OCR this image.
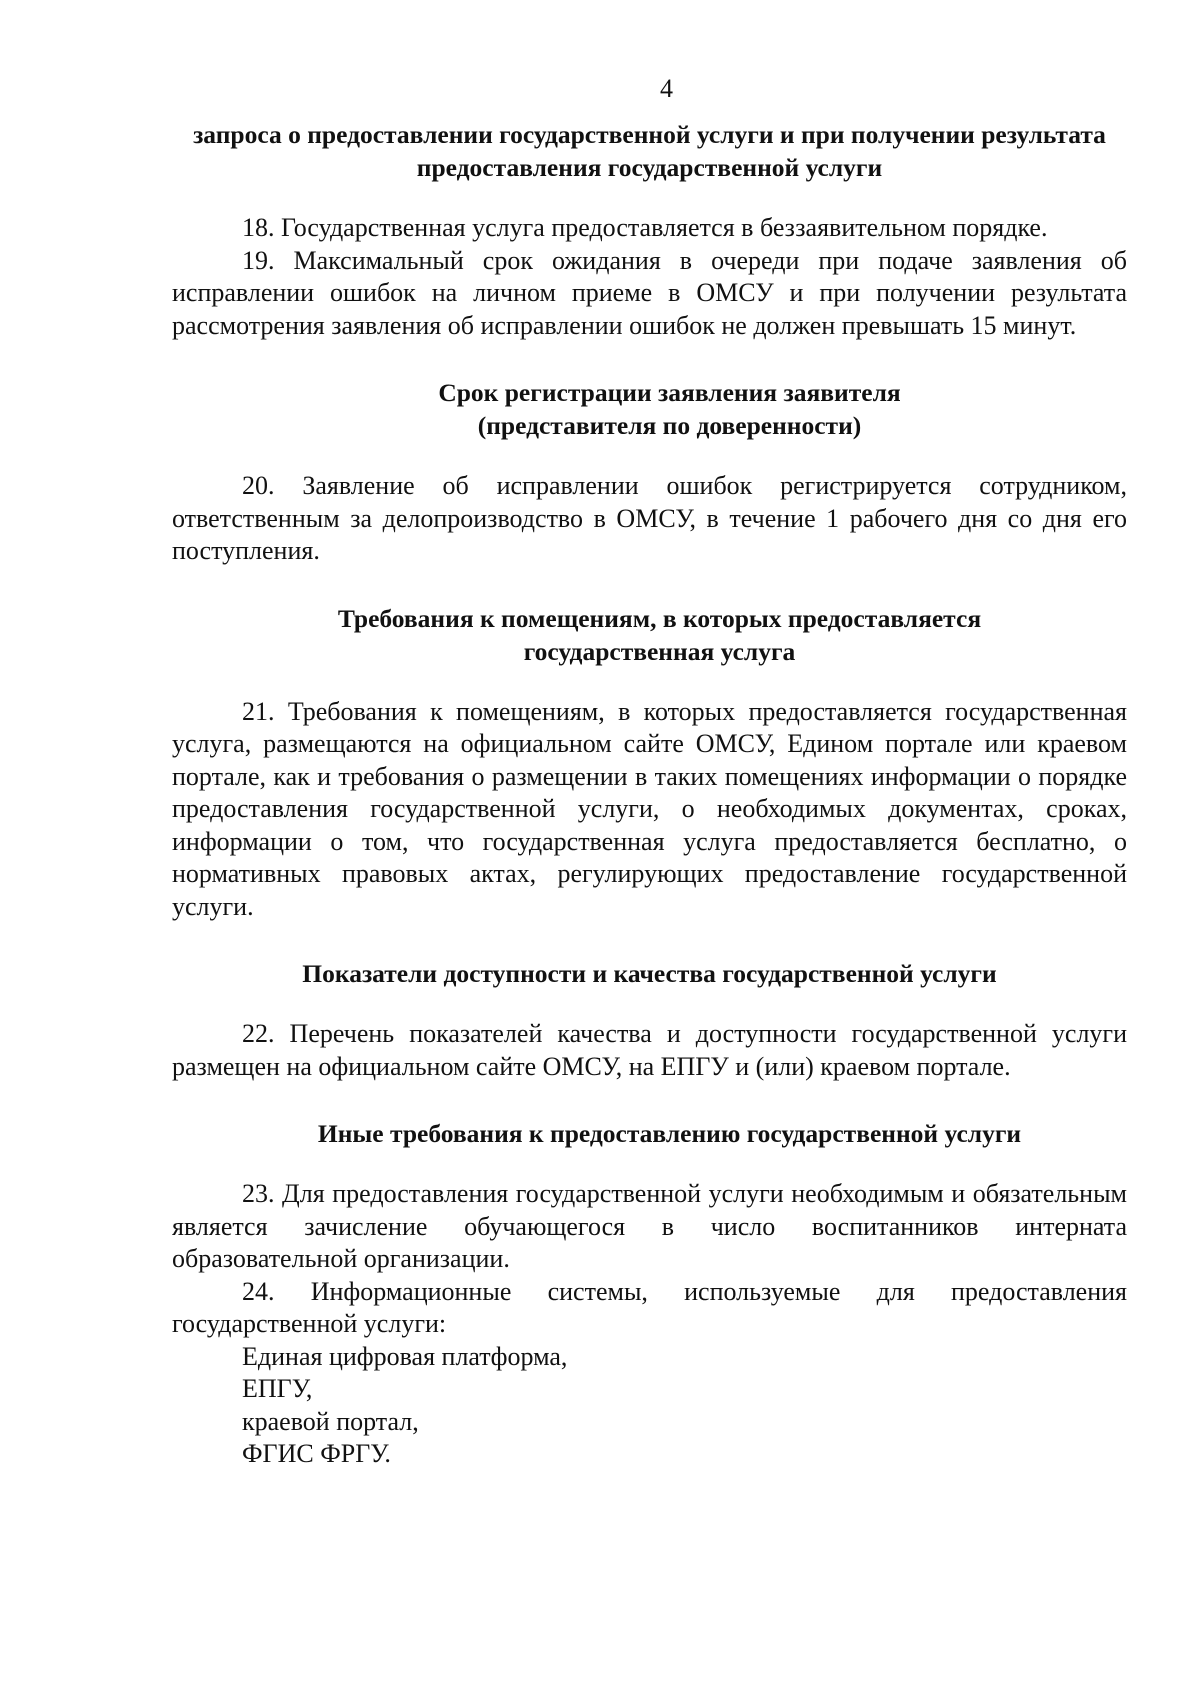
4

запроса о предоставлении государственной услуги и при получении результата предоставления государственной услуги

18. Государственная услуга предоставляется в беззаявительном порядке.

19. Максимальный срок ожидания в очереди при подаче заявления об исправлении ошибок на личном приеме в ОМСУ и при получении результата рассмотрения заявления об исправлении ошибок не должен превышать 15 минут.

Срок регистрации заявления заявителя (представителя по доверенности)

20. Заявление об исправлении ошибок регистрируется сотрудником, ответственным за делопроизводство в ОМСУ, в течение 1 рабочего дня со дня его поступления.

Требования к помещениям, в которых предоставляется государственная услуга

21. Требования к помещениям, в которых предоставляется государственная услуга, размещаются на официальном сайте ОМСУ, Едином портале или краевом портале, как и требования о размещении в таких помещениях информации о порядке предоставления государственной услуги, о необходимых документах, сроках, информации о том, что государственная услуга предоставляется бесплатно, о нормативных правовых актах, регулирующих предоставление государственной услуги.

Показатели доступности и качества государственной услуги

22. Перечень показателей качества и доступности государственной услуги размещен на официальном сайте ОМСУ, на ЕПГУ и (или) краевом портале.

Иные требования к предоставлению государственной услуги

23. Для предоставления государственной услуги необходимым и обязательным является зачисление обучающегося в число воспитанников интерната образовательной организации.

24. Информационные системы, используемые для предоставления государственной услуги:

Единая цифровая платформа,

ЕПГУ,

краевой портал,

ФГИС ФРГУ.
